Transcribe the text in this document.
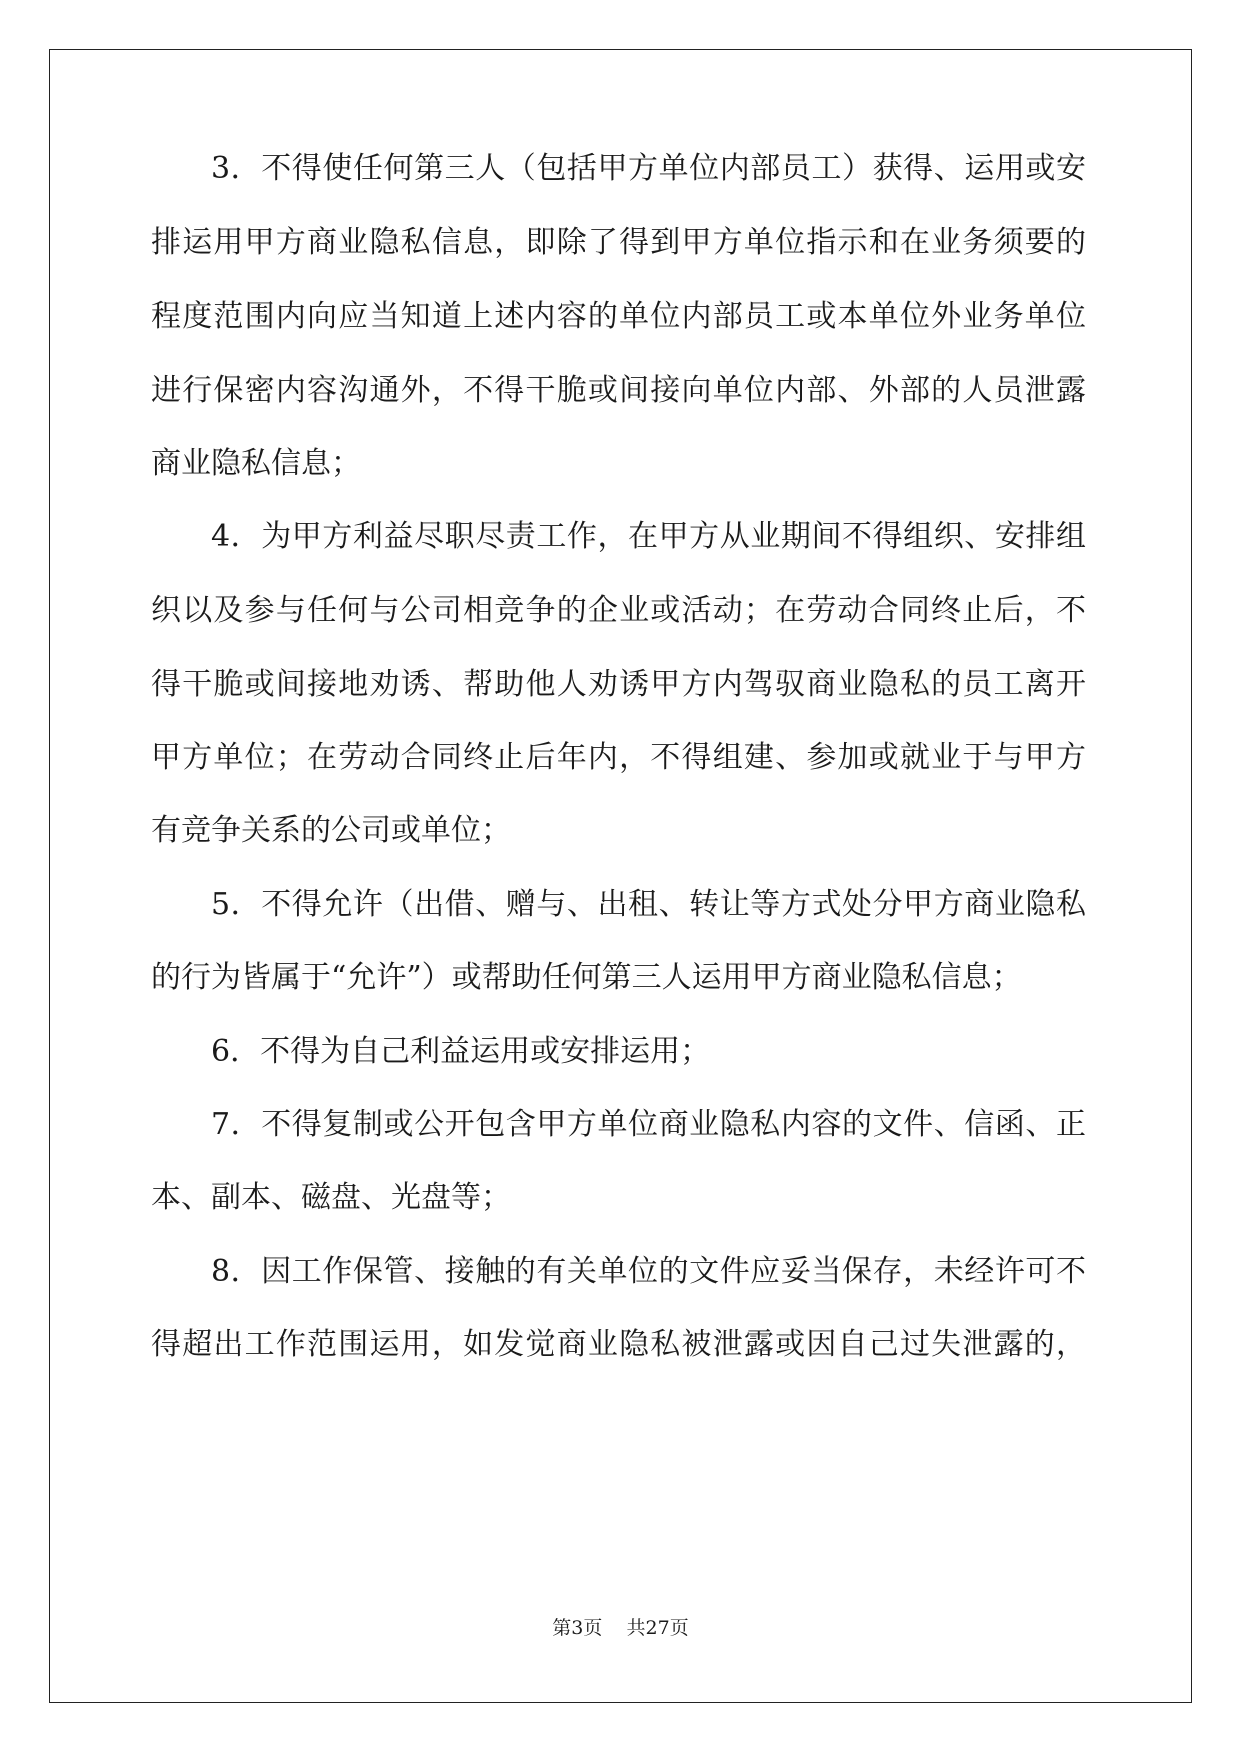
3．不得使任何第三人（包括甲方单位内部员工）获得、运用或安
排运用甲方商业隐私信息，即除了得到甲方单位指示和在业务须要的
程度范围内向应当知道上述内容的单位内部员工或本单位外业务单位
进行保密内容沟通外，不得干脆或间接向单位内部、外部的人员泄露
商业隐私信息；
4．为甲方利益尽职尽责工作，在甲方从业期间不得组织、安排组
织以及参与任何与公司相竞争的企业或活动；在劳动合同终止后，不
得干脆或间接地劝诱、帮助他人劝诱甲方内驾驭商业隐私的员工离开
甲方单位；在劳动合同终止后年内，不得组建、参加或就业于与甲方
有竞争关系的公司或单位；
5．不得允许（出借、赠与、出租、转让等方式处分甲方商业隐私
的行为皆属于“允许”）或帮助任何第三人运用甲方商业隐私信息；
6．不得为自己利益运用或安排运用；
7．不得复制或公开包含甲方单位商业隐私内容的文件、信函、正
本、副本、磁盘、光盘等；
8．因工作保管、接触的有关单位的文件应妥当保存，未经许可不
得超出工作范围运用，如发觉商业隐私被泄露或因自己过失泄露的，
第3页    共27页
